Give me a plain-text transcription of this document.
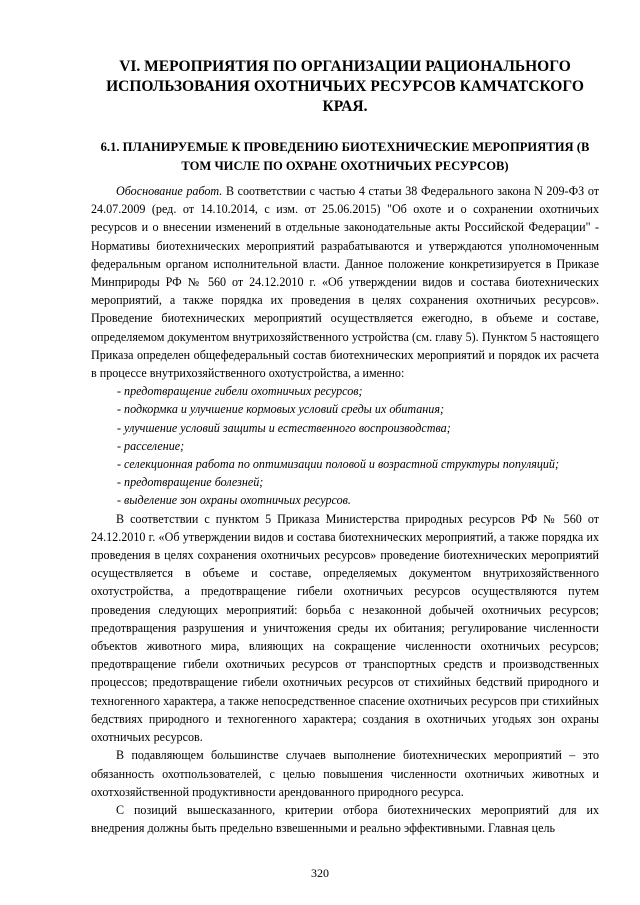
VI. МЕРОПРИЯТИЯ ПО ОРГАНИЗАЦИИ РАЦИОНАЛЬНОГО ИСПОЛЬЗОВАНИЯ ОХОТНИЧЬИХ РЕСУРСОВ КАМЧАТСКОГО КРАЯ.
6.1. ПЛАНИРУЕМЫЕ К ПРОВЕДЕНИЮ БИОТЕХНИЧЕСКИЕ МЕРОПРИЯТИЯ (В ТОМ ЧИСЛЕ ПО ОХРАНЕ ОХОТНИЧЬИХ РЕСУРСОВ)

Обоснование работ. В соответствии с частью 4 статьи 38 Федерального закона N 209-ФЗ от 24.07.2009 (ред. от 14.10.2014, с изм. от 25.06.2015) "Об охоте и о сохранении охотничьих ресурсов и о внесении изменений в отдельные законодательные акты Российской Федерации" - Нормативы биотехнических мероприятий разрабатываются и утверждаются уполномоченным федеральным органом исполнительной власти. Данное положение конкретизируется в Приказе Минприроды РФ № 560 от 24.12.2010 г. «Об утверждении видов и состава биотехнических мероприятий, а также порядка их проведения в целях сохранения охотничьих ресурсов». Проведение биотехнических мероприятий осуществляется ежегодно, в объеме и составе, определяемом документом внутрихозяйственного устройства (см. главу 5). Пунктом 5 настоящего Приказа определен общефедеральный состав биотехнических мероприятий и порядок их расчета в процессе внутрихозяйственного охотустройства, а именно:

- предотвращение гибели охотничьих ресурсов;
- подкормка и улучшение кормовых условий среды их обитания;
- улучшение условий защиты и естественного воспроизводства;
- расселение;
- селекционная работа по оптимизации половой и возрастной структуры популяций;
- предотвращение болезней;
- выделение зон охраны охотничьих ресурсов.

В соответствии с пунктом 5 Приказа Министерства природных ресурсов РФ № 560 от 24.12.2010 г. «Об утверждении видов и состава биотехнических мероприятий, а также порядка их проведения в целях сохранения охотничьих ресурсов» проведение биотехнических мероприятий осуществляется в объеме и составе, определяемых документом внутрихозяйственного охотустройства, а предотвращение гибели охотничьих ресурсов осуществляются путем проведения следующих мероприятий: борьба с незаконной добычей охотничьих ресурсов; предотвращения разрушения и уничтожения среды их обитания; регулирование численности объектов животного мира, влияющих на сокращение численности охотничьих ресурсов; предотвращение гибели охотничьих ресурсов от транспортных средств и производственных процессов; предотвращение гибели охотничьих ресурсов от стихийных бедствий природного и техногенного характера, а также непосредственное спасение охотничьих ресурсов при стихийных бедствиях природного и техногенного характера; создания в охотничьих угодьях зон охраны охотничьих ресурсов.

В подавляющем большинстве случаев выполнение биотехнических мероприятий – это обязанность охотпользователей, с целью повышения численности охотничьих животных и охотхозяйственной продуктивности арендованного природного ресурса.

С позиций вышесказанного, критерии отбора биотехнических мероприятий для их внедрения должны быть предельно взвешенными и реально эффективными. Главная цель

320
